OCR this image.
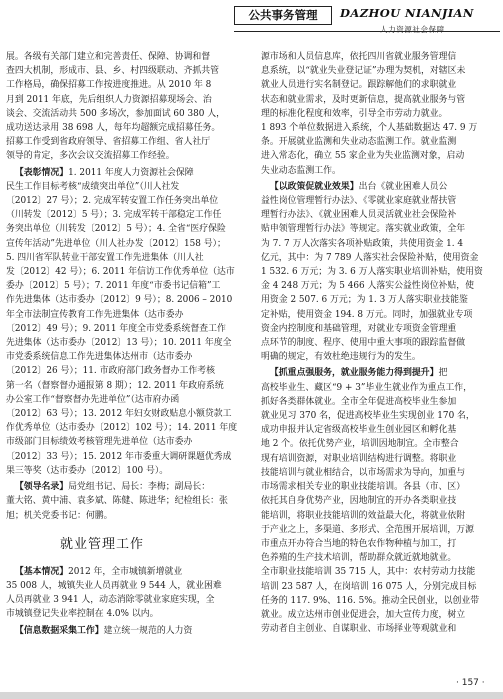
公共事务管理	DAZHOU NIANJIAN
人力资源社会保障

展。各级有关部门建立和完善责任、保障、协调和督

查四大机制，形成市、县、乡、村四级联动、齐抓共管

工作格局，确保招募工作按进度推进。从 2010 年 8

月到 2011 年底，先后组织人力资源招募现场会、治

谈会、交流活动共 500 多场次，参加面试 60 380 人，

成功送达录用 38 698 人，每年均超额完成招募任务。

招募工作受到省政府领导、省招募工作组、省人社厅

领导的肯定，多次会议交流招募工作经验。

【表彰情况】1. 2011 年度人力资源社会保障

民生工作目标考核“成绩突出单位”（川人社发

〔2012〕27 号）；2. 完成军转安置工作任务突出单位

（川转发〔2012〕5 号）；3. 完成军转干部稳定工作任

务突出单位（川转发〔2012〕5 号）；4. 全省“医疗保险

宣传年活动”先进单位（川人社办发〔2012〕158 号）；

5. 四川省军队转业干部安置工作先进集体（川人社

发〔2012〕42 号）；6. 2011 年信访工作优秀单位（达市

委办〔2012〕5 号）；7. 2011 年度“市委书记信箱”工

作先进集体（达市委办〔2012〕9 号）；8. 2006 – 2010

年全市法制宣传教育工作先进集体（达市委办

〔2012〕49 号）；9. 2011 年度全市党委系统督查工作

先进集体（达市委办〔2012〕13 号）；10. 2011 年度全

市党委系统信息工作先进集体达州市（达市委办

〔2012〕26 号）；11. 市政府部门政务督办工作考核

第一名（督察督办通报第 8 期）；12. 2011 年政府系统

办公室工作“督察督办先进单位”（达市府办函

〔2012〕63 号）；13. 2012 年妇女财政贴息小额贷款工

作优秀单位（达市委办〔2012〕102 号）；14. 2011 年度

市级部门目标绩效考核管理先进单位（达市委办

〔2012〕33 号）；15. 2012 年市委重大调研课题优秀成

果三等奖（达市委办〔2012〕100 号）。

【领导名录】局党组书记、局长：李梅；副局长：

董大铭、黄中浦、袁多斌、陈健、陈进华；纪检组长：张

旭；机关党委书记：何鹏。

就业管理工作

【基本情况】2012 年，全市城镇新增就业

35 008 人，城镇失业人员再就业 9 544 人，就业困难

人员再就业 3 941 人，动态消除零就业家庭实现，全

市城镇登记失业率控制在 4.0% 以内。

【信息数据采集工作】建立统一规范的人力资

源市场和人员信息库，依托四川省就业服务管理信

息系统，以“就业失业登记证”办理为契机，对辖区未

就业人员进行实名制登记。跟踪解他们的求职就业

状态和就业需求，及时更新信息，提高就业服务与管

理的标准化程度和效率，引导全市劳动力就业。

1 893 个单位数据进入系统，个人基础数据达 47. 9 万

条。开展就业监测和失业动态监测工作。就业监测

进入常态化，确立 55 家企业为失业监测对象，启动

失业动态监测工作。

【以政策促就业效果】出台《就业困难人员公

益性岗位管理暂行办法》、《零就业家庭就业帮扶管

理暂行办法》、《就业困难人员灵活就业社会保险补

贴申领管理暂行办法》等规定。落实就业政策，全年

为 7. 7 万人次落实各项补贴政策，共使用资金 1. 4

亿元，其中：为 7 789 人落实社会保险补贴，使用资金

1 532. 6 万元；为 3. 6 万人落实职业培训补贴，使用资

金 4 248 万元；为 5 466 人落实公益性岗位补贴，使

用资金 2 507. 6 万元；为 1. 3 万人落实职业技能鉴

定补贴，使用资金 194. 8 万元。同时，加强就业专项

资金内控制度和基础管理，对就业专项资金管理重

点环节的制度、程序、使用中重大事项的跟踪监督做

明确的规定，有效杜绝违规行为的发生。

【抓重点强服务，就业服务能力得到提升】把

高校毕业生、藏区“9 + 3”毕业生就业作为重点工作，

抓好各类群体就业。全市全年促进高校毕业生参加

就业见习 370 名，促进高校毕业生实现创业 170 名，

成功申报并认定省级高校毕业生创业园区和孵化基

地 2 个。依托优势产业，培训因地制宜。全市整合

现有培训资源，对职业培训结构进行调整。将职业

技能培训与就业相结合，以市场需求为导向，加重与

市场需求相关专业的职业技能培训。各县（市、区）

依托其自身优势产业，因地制宜的开办各类职业技

能培训，将职业技能培训的效益最大化，将就业依附

于产业之上，多渠道、多形式、全范围开展培训，万源

市重点开办符合当地的特色农作物种植与加工，打

色养殖的生产技术培训，帮助群众就近就地就业。

全市职业技能培训 35 715 人，其中：农村劳动力技能

培训 23 587 人，在岗培训 16 075 人，分别完成目标

任务的 117. 9%、116. 5%。推动全民创业，以创业带

就业。成立达州市创业促进会，加大宣传力度，树立

劳动者自主创业、自谋职业、市场择业等观就业和

· 157 ·
